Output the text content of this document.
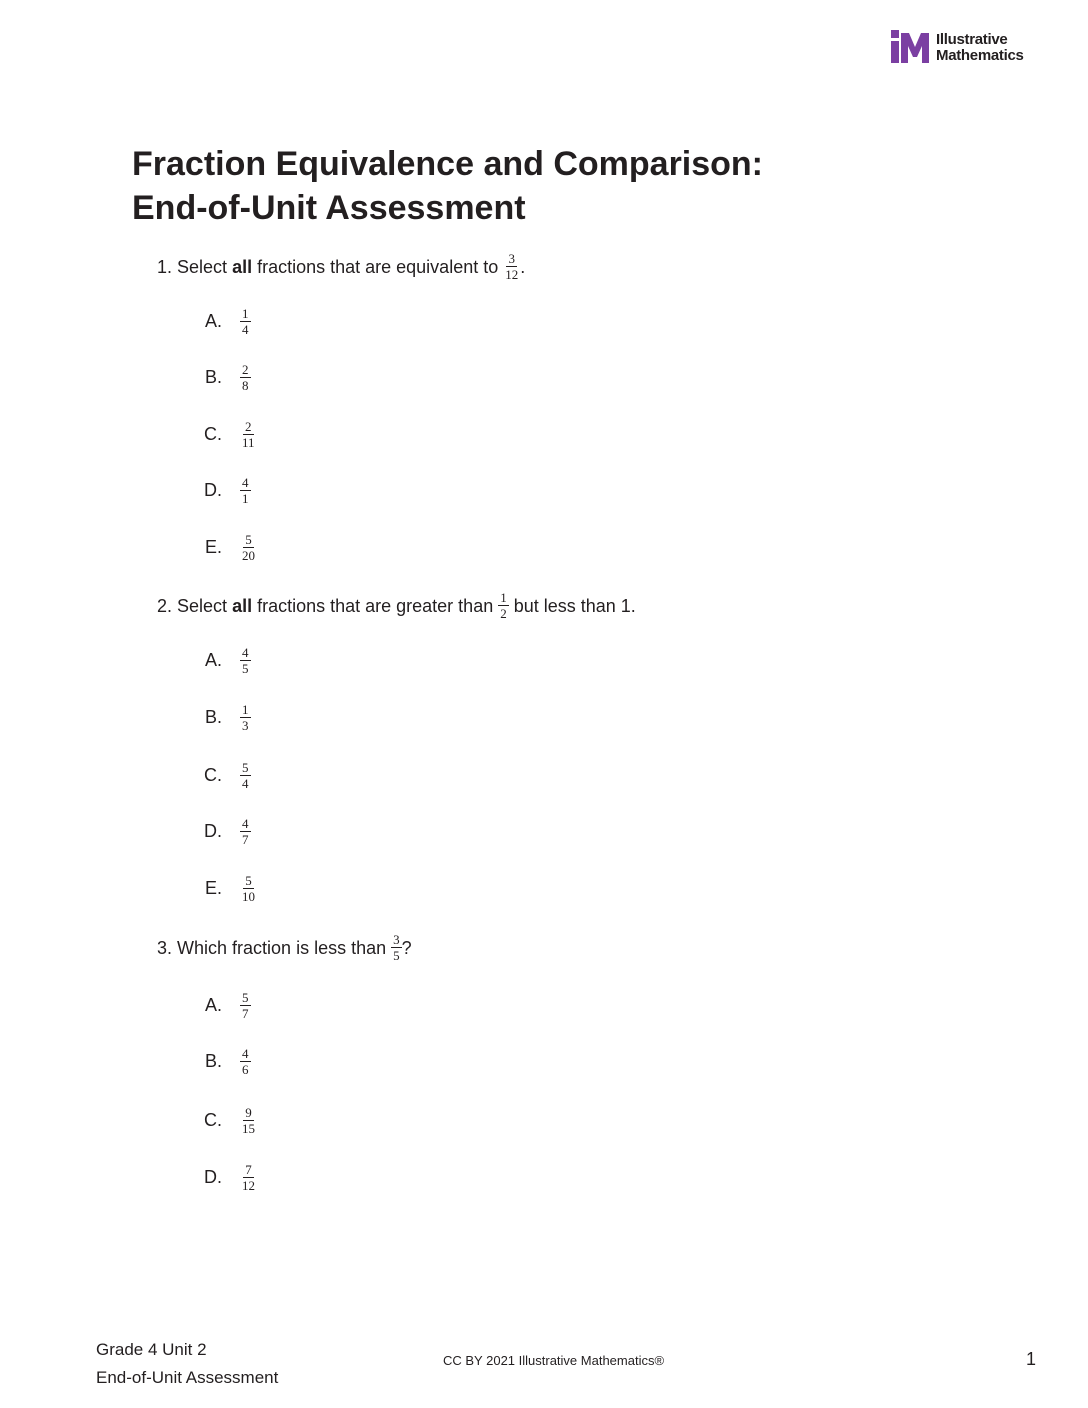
Illustrative
Mathematics
Fraction Equivalence and Comparison:
End-of-Unit Assessment
1.
Select all fractions that are equivalent to $\frac{3}{12}$ .
A. $\frac{1}{4}$
B. $\frac{2}{8}$
C. $\frac{2}{11}$
D. $\frac{4}{1}$
E. $\frac{5}{20}$
2.
Select all fractions that are greater than $\frac{1}{2}$ but less than 1.
A. $\frac{4}{5}$
B. $\frac{1}{3}$
C. $\frac{5}{4}$
D. $\frac{4}{7}$
E. $\frac{5}{10}$
3.
Which fraction is less than $\frac{3}{5}$ ?
A. $\frac{5}{7}$
B. $\frac{4}{6}$
C. $\frac{9}{15}$
D. $\frac{7}{12}$
Grade 4 Unit 2
End-of-Unit Assessment
CC BY 2021 Illustrative Mathematics®	1
